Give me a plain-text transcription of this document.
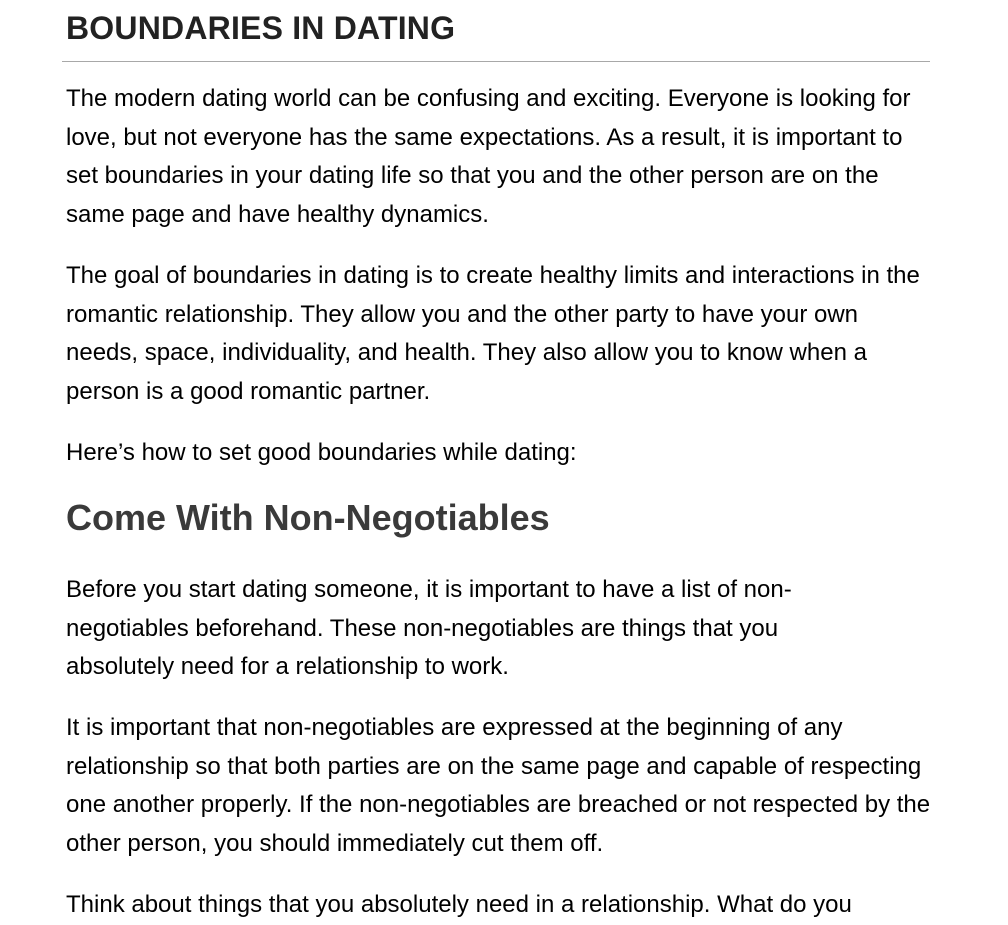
BOUNDARIES IN DATING

The modern dating world can be confusing and exciting. Everyone is looking for love, but not everyone has the same expectations. As a result, it is important to set boundaries in your dating life so that you and the other person are on the same page and have healthy dynamics.

The goal of boundaries in dating is to create healthy limits and interactions in the romantic relationship. They allow you and the other party to have your own needs, space, individuality, and health. They also allow you to know when a person is a good romantic partner.

Here’s how to set good boundaries while dating:

Come With Non-Negotiables

Before you start dating someone, it is important to have a list of non-negotiables beforehand. These non-negotiables are things that you absolutely need for a relationship to work.

It is important that non-negotiables are expressed at the beginning of any relationship so that both parties are on the same page and capable of respecting one another properly. If the non-negotiables are breached or not respected by the other person, you should immediately cut them off.

Think about things that you absolutely need in a relationship. What do you
